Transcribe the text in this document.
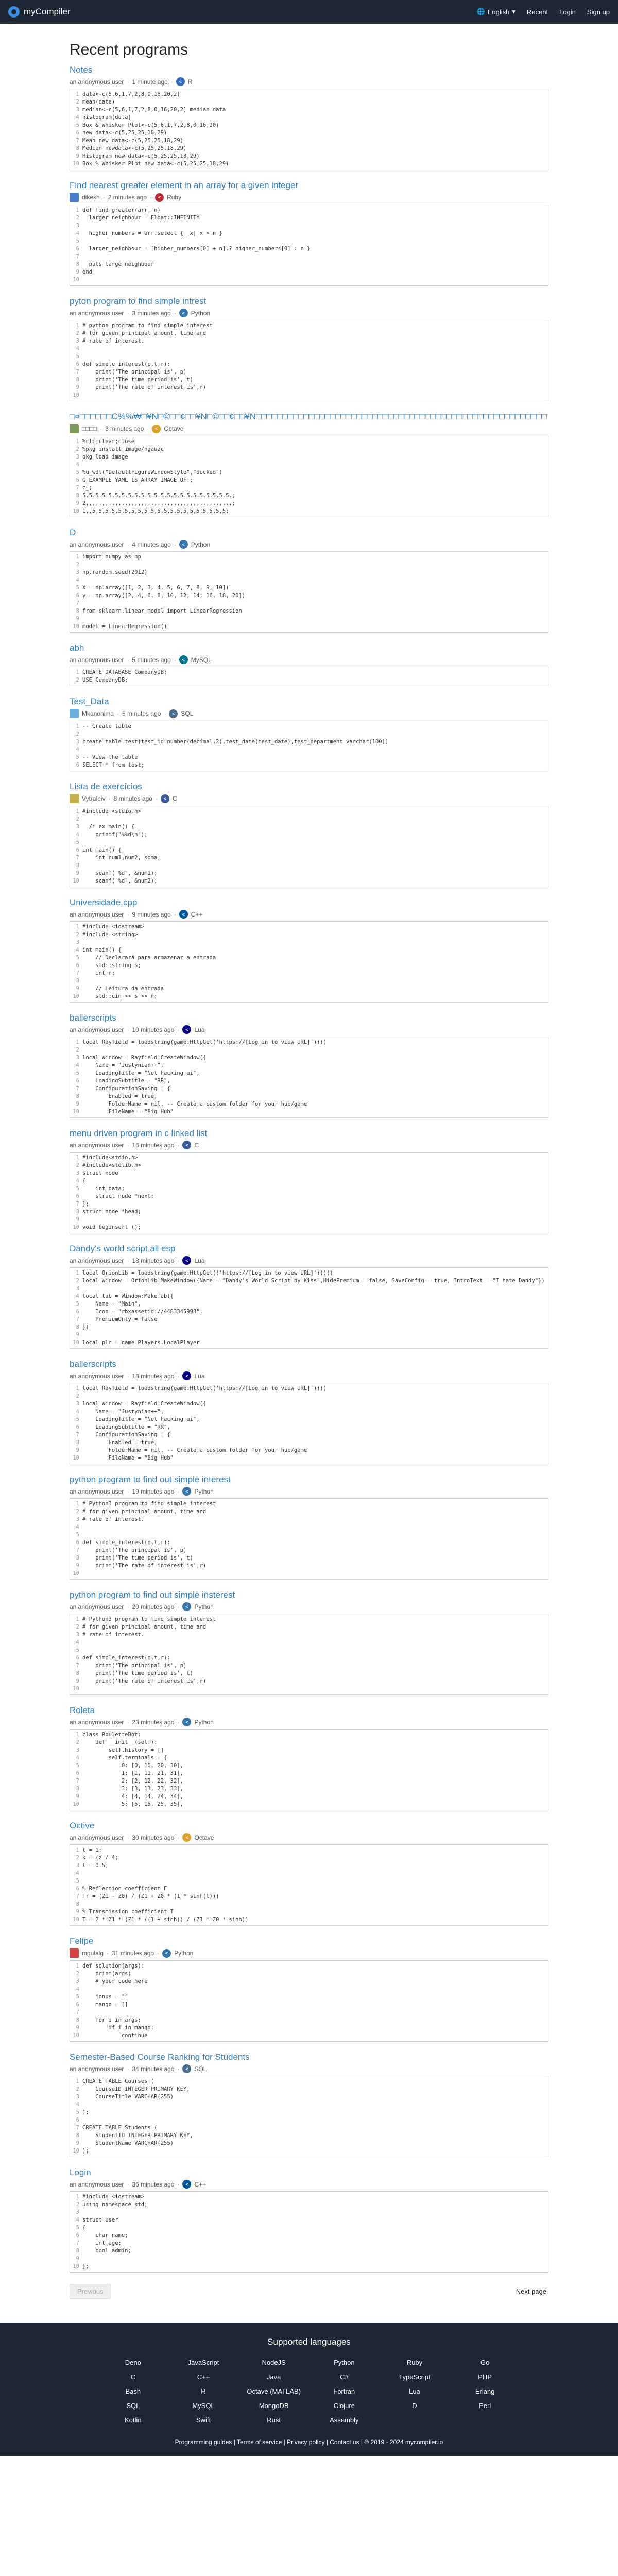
myCompiler	🌐 English ▾ Recent Login Sign up
Recent programs
Notes
an anonymous user · 1 minute ago ·	< R
1 data<-c(5,6,1,7,2,8,0,16,20,2)
2 mean(data)
3 median<-c(5,6,1,7,2,8,0,16,20,2) median data
4 histogram(data)
5 Box & Whisker Plot<-c(5,6,1,7,2,8,0,16,20)
6 new data<-c(5,25,25,18,29)
7 Mean new data<-c(5,25,25,18,29)
8 Median newdata<-c(5,25,25,18,29)
9 Histogram new data<-c(5,25,25,18,29)
10 Box % Whisker Plot new data<-c(5,25,25,18,29)
Find nearest greater element in an array for a given integer
dikesh · 2 minutes ago ·	< Ruby
1 def find_greater(arr, n)
2 larger_neighbour = Float::INFINITY
3
4 higher_numbers = arr.select { |x| x > n }
5
6 larger_neighbour = [higher_numbers[0] + n].? higher_numbers[0] : n }
7
8 puts large_neighbour
9 end
10
pyton program to find simple intrest
an anonymous user · 3 minutes ago ·	< Python
1 # python program to find simple interest
2 # for given principal amount, time and
3 # rate of interest.
4
5
6 def simple_interest(p,t,r):
7 print('The principal is', p)
8 print('The time period is', t)
9 print('The rate of interest is',r)
10
□¤□□□□□□C%%₩□¥N□©□□¢□□¥N□©□□¢□□¥N□□□□□□□□□□□□□□□□□□□□□□□□□□□□□□□□□□□□□□□□□□□□□□□□□□□□□□□
□□□□ · 3 minutes ago ·	< Octave
1 %clc;clear;close
2 %pkg install image/ngauzc
3 pkg load image
4
5 %u_wdt("DefaultFigureWindowStyle","docked")
6 G_EXAMPLE_YAML_IS_ARRAY_IMAGE_OF:;
7 c_;
8 5.5.5.5.5.5.5.5.5.5.5.5.5.5.5.5.5.5.5.5.5.5.5.;
9 2,,,,,,,,,,,,,,,,,,,,,,,,,,,,,,,,,,,,,,,,,,,,,;
10 1,,5,5,5,5,5,5,5,5,5,5,5,5,5,5,5,5,5,5,5,5,5;
D
an anonymous user · 4 minutes ago ·	< Python
1 import numpy as np
2
3 np.random.seed(2012)
4
5 X = np.array([1, 2, 3, 4, 5, 6, 7, 8, 9, 10])
6 y = np.array([2, 4, 6, 8, 10, 12, 14, 16, 18, 20])
7
8 from sklearn.linear_model import LinearRegression
9
10 model = LinearRegression()
abh
an anonymous user · 5 minutes ago ·	< MySQL
1 CREATE DATABASE CompanyDB;
2 USE CompanyDB;
Test_Data
Mkanonima · 5 minutes ago ·	< SQL
1 -- Create table
2
3 create table test(test_id number(decimal,2),test_date(test_date),test_department varchar(100))
4
5 -- View the table
6 SELECT * from test;
Lista de exercícios
Vytraleiv · 8 minutes ago ·	< C
1 #include <stdio.h>
2
3 /* ex main() {
4 printf("%%d\n");
5
6 int main() {
7 int num1,num2, soma;
8
9 scanf("%d", &num1);
10 scanf("%d", &num2);
Universidade.cpp
an anonymous user · 9 minutes ago ·	< C++
1 #include <iostream>
2 #include <string>
3
4 int main() {
5 // Declarará para armazenar a entrada
6 std::string s;
7 int n;
8
9 // Leitura da entrada
10 std::cin >> s >> n;
ballerscripts
an anonymous user · 10 minutes ago ·	< Lua
1 local Rayfield = loadstring(game:HttpGet('https://[Log in to view URL]'))()
2
3 local Window = Rayfield:CreateWindow({
4 Name = "Justynian++",
5 LoadingTitle = "Not hacking ui",
6 LoadingSubtitle = "RR",
7 ConfigurationSaving = {
8 Enabled = true,
9 FolderName = nil, -- Create a custom folder for your hub/game
10 FileName = "Big Hub"
menu driven program in c linked list
an anonymous user · 16 minutes ago ·	< C
1 #include<stdio.h>
2 #include<stdlib.h>
3 struct node
4 {
5 int data;
6 struct node *next;
7 };
8 struct node *head;
9
10 void beginsert ();
Dandy's world script all esp
an anonymous user · 18 minutes ago ·	< Lua
1 local OrionLib = loadstring(game:HttpGet(('https://[Log in to view URL]')))()
2 local Window = OrionLib:MakeWindow({Name = "Dandy's World Script by Kiss",HidePremium = false, SaveConfig = true, IntroText = "I hate Dandy"})
3
4 local tab = Window:MakeTab({
5 Name = "Main",
6 Icon = "rbxassetid://4483345998",
7 PremiumOnly = false
8 })
9
10 local plr = game.Players.LocalPlayer
ballerscripts
an anonymous user · 18 minutes ago ·	< Lua
1 local Rayfield = loadstring(game:HttpGet('https://[Log in to view URL]'))()
2
3 local Window = Rayfield:CreateWindow({
4 Name = "Justynian++",
5 LoadingTitle = "Not hacking ui",
6 LoadingSubtitle = "RR",
7 ConfigurationSaving = {
8 Enabled = true,
9 FolderName = nil, -- Create a custom folder for your hub/game
10 FileName = "Big Hub"
python program to find out simple interest
an anonymous user · 19 minutes ago ·	< Python
1 # Python3 program to find simple interest
2 # for given principal amount, time and
3 # rate of interest.
4
5
6 def simple_interest(p,t,r):
7 print('The principal is', p)
8 print('The time period is', t)
9 print('The rate of interest is',r)
10
python program to find out simple insterest
an anonymous user · 20 minutes ago ·	< Python
1 # Python3 program to find simple interest
2 # for given principal amount, time and
3 # rate of interest.
4
5
6 def simple_interest(p,t,r):
7 print('The principal is', p)
8 print('The time period is', t)
9 print('The rate of interest is',r)
10
Roleta
an anonymous user · 23 minutes ago ·	< Python
1 class RouletteBot:
2 def __init__(self):
3 self.history = []
4 self.terminals = {
5 0: [0, 10, 20, 30],
6 1: [1, 11, 21, 31],
7 2: [2, 12, 22, 32],
8 3: [3, 13, 23, 33],
9 4: [4, 14, 24, 34],
10 5: [5, 15, 25, 35],
Octive
an anonymous user · 30 minutes ago ·	< Octave
1 t = 1;
2 k = (z / 4;
3 l = 0.5;
4
5
6 % Reflection coefficient Γ
7 Γr = (Z1 - Z0) / (Z1 + Z0 * (1 * sinh(l)))
8
9 % Transmission coefficient T
10 T = 2 * Z1 * (Z1 * ((1 + sinh)) / (Z1 * Z0 * sinh))
Felipe
mgulalg · 31 minutes ago ·	< Python
1 def solution(args):
2 print(args)
3 # your code here
4
5 jonus = ""
6 mango = []
7
8 for i in args:
9 if i in mango:
10 continue
Semester-Based Course Ranking for Students
an anonymous user · 34 minutes ago ·	< SQL
1 CREATE TABLE Courses (
2 CourseID INTEGER PRIMARY KEY,
3 CourseTitle VARCHAR(255)
4
5 );
6
7 CREATE TABLE Students (
8 StudentID INTEGER PRIMARY KEY,
9 StudentName VARCHAR(255)
10 );
Login
an anonymous user · 36 minutes ago ·	< C++
1 #include <iostream>
2 using namespace std;
3
4 struct user
5 {
6 char name;
7 int age;
8 bool admin;
9
10 };
Previous	Next page
Supported languages
Deno	JavaScript	NodeJS	Python	Ruby	Go
C	C++	Java	C#	TypeScript	PHP
Bash	R	Octave (MATLAB)	Fortran	Lua	Erlang
SQL	MySQL	MongoDB	Clojure	D	Perl
Kotlin	Swift	Rust	Assembly
Programming guides | Terms of service | Privacy policy | Contact us | © 2019 - 2024 mycompiler.io
